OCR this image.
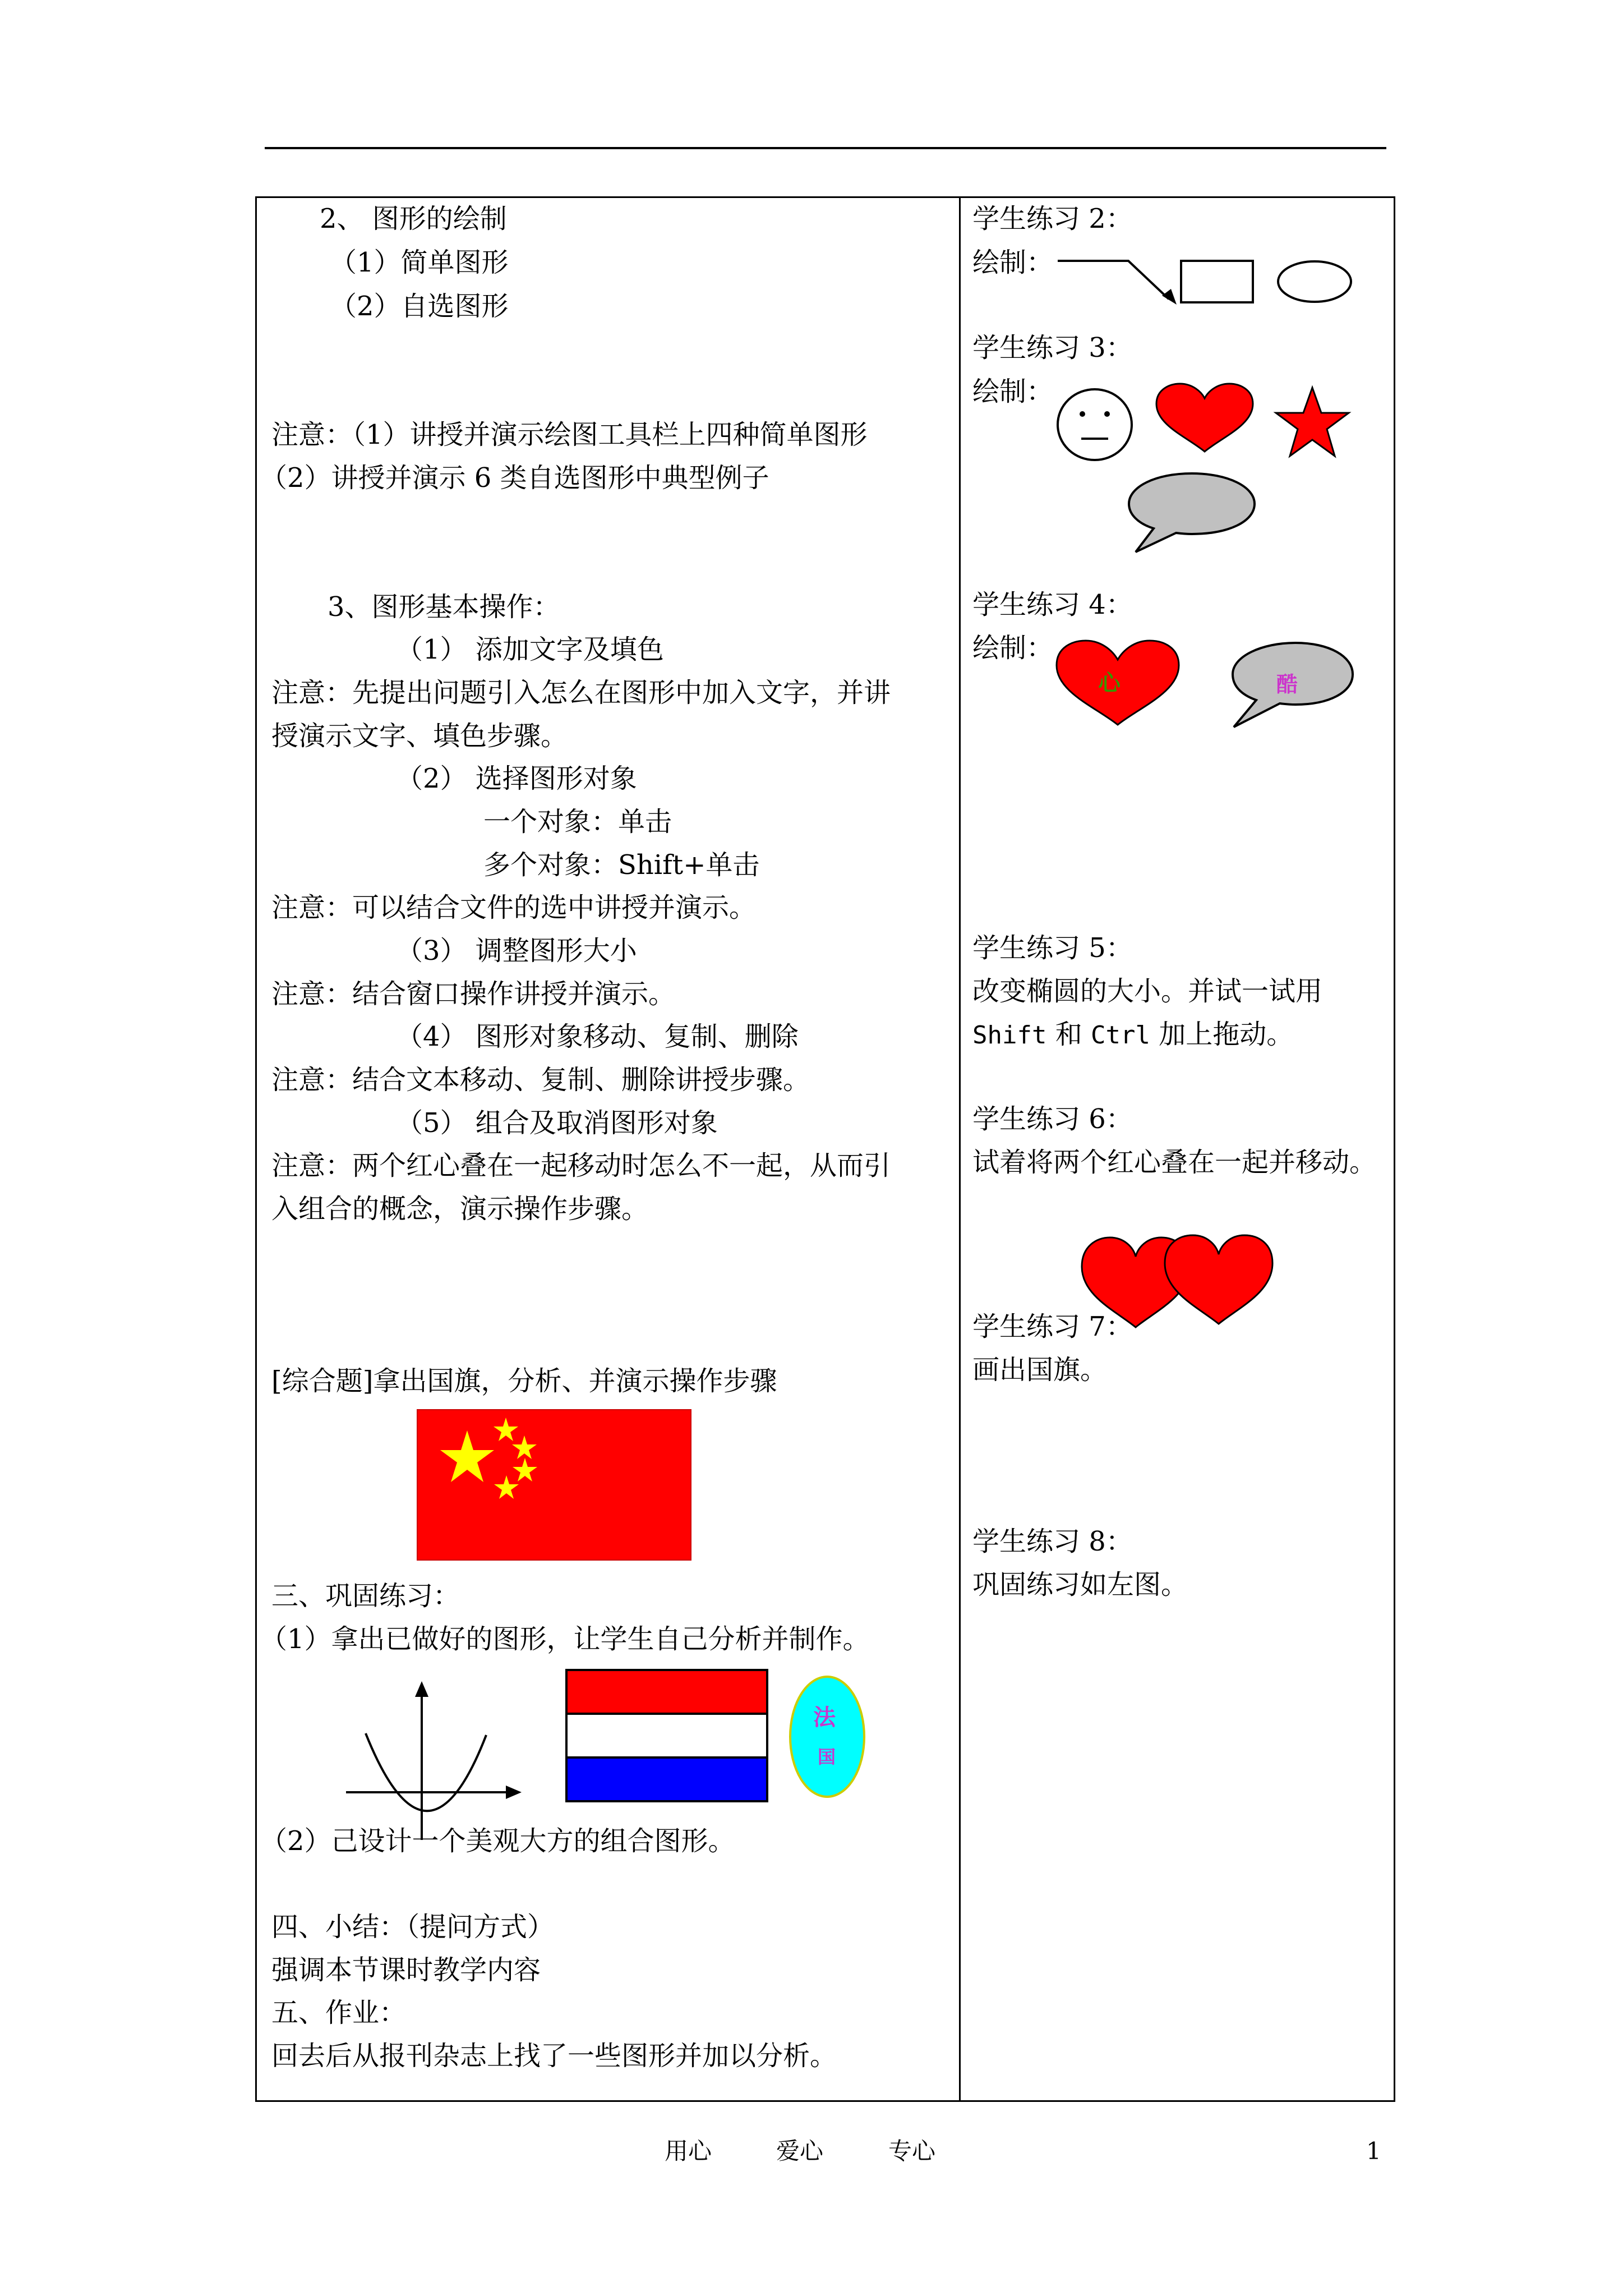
2、 图形的绘制
（1）简单图形
（2）自选图形
注意：（1）讲授并演示绘图工具栏上四种简单图形
（2）讲授并演示 6 类自选图形中典型例子
3、图形基本操作：
（1） 添加文字及填色
注意：先提出问题引入怎么在图形中加入文字，并讲
授演示文字、填色步骤。
（2） 选择图形对象
一个对象：单击
多个对象：Shift+单击
注意：可以结合文件的选中讲授并演示。
（3） 调整图形大小
注意：结合窗口操作讲授并演示。
（4） 图形对象移动、复制、删除
注意：结合文本移动、复制、删除讲授步骤。
（5） 组合及取消图形对象
注意：两个红心叠在一起移动时怎么不一起，从而引
入组合的概念，演示操作步骤。
[综合题]拿出国旗，分析、并演示操作步骤
三、巩固练习：
（1）拿出已做好的图形，让学生自己分析并制作。
法
国
（2）己设计一个美观大方的组合图形。
四、小结：（提问方式）
强调本节课时教学内容
五、作业：
回去后从报刊杂志上找了一些图形并加以分析。
学生练习 2：
绘制：
学生练习 3：
绘制：
学生练习 4：
绘制：
心	酷
学生练习 5：
改变椭圆的大小。并试一试用
Shift 和 Ctrl 加上拖动。
学生练习 6：
试着将两个红心叠在一起并移动。
学生练习 7：
画出国旗。
学生练习 8：
巩固练习如左图。
用心	爱心	专心	1
